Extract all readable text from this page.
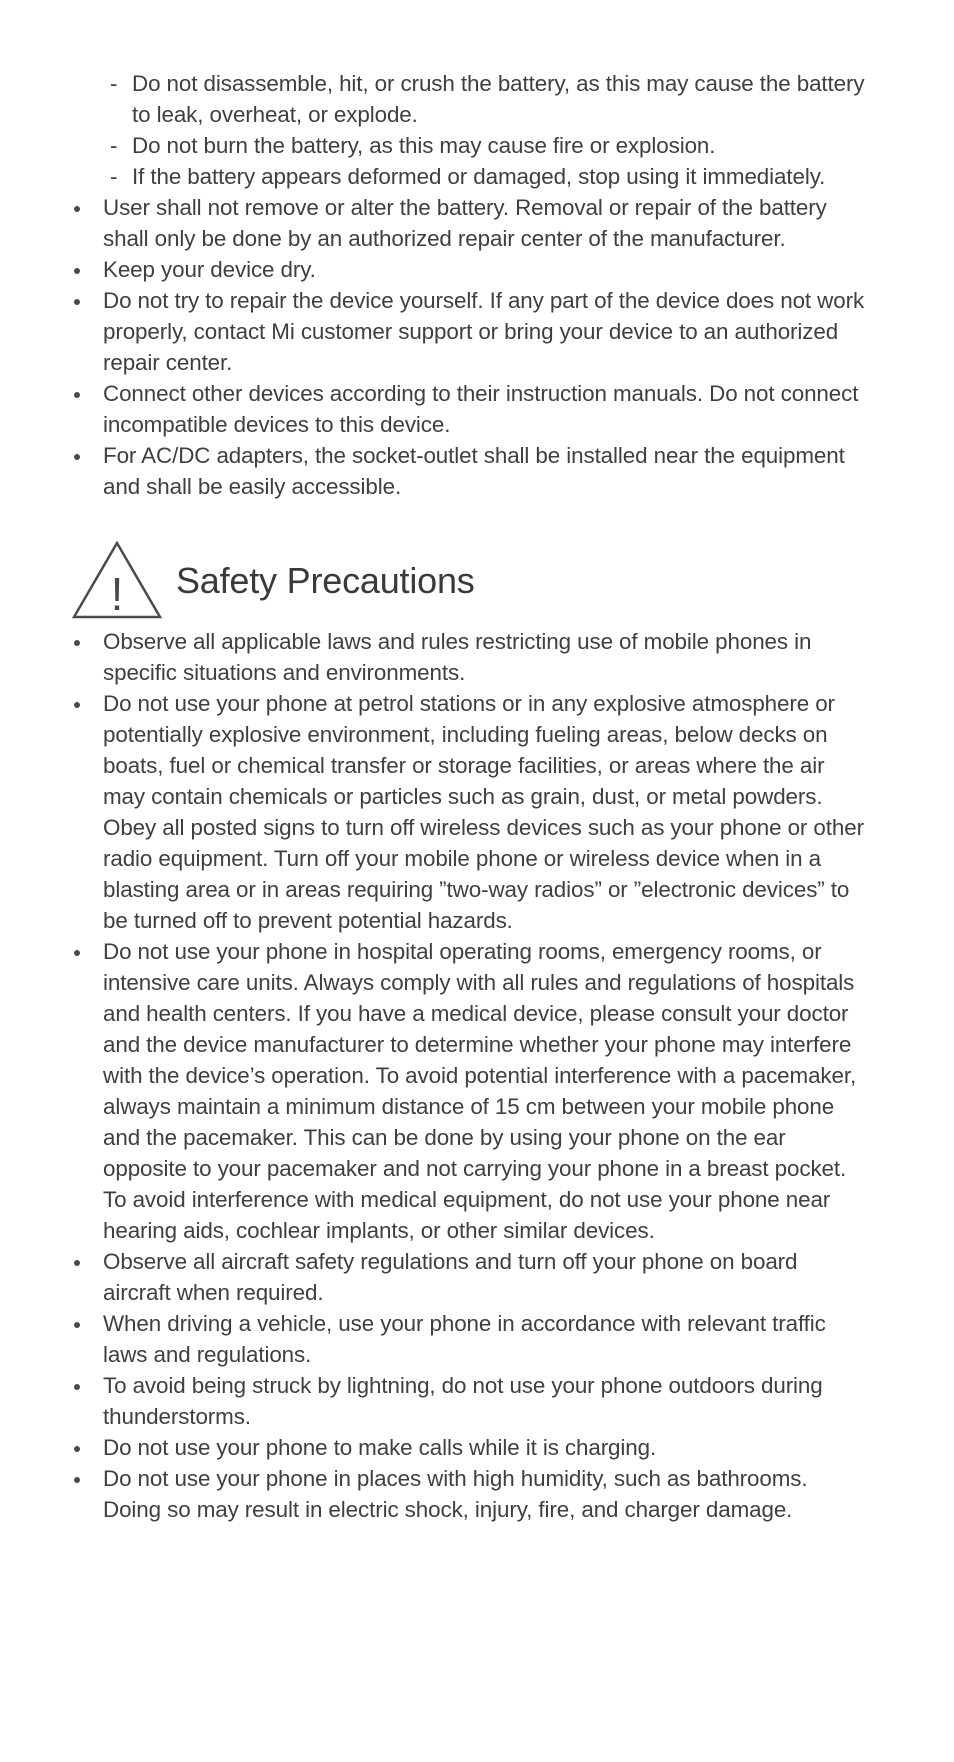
- Do not disassemble, hit, or crush the battery, as this may cause the battery to leak, overheat, or explode.
- Do not burn the battery, as this may cause fire or explosion.
- If the battery appears deformed or damaged, stop using it immediately.
User shall not remove or alter the battery. Removal or repair of the battery shall only be done by an authorized repair center of the manufacturer.
Keep your device dry.
Do not try to repair the device yourself. If any part of the device does not work properly, contact Mi customer support or bring your device to an authorized repair center.
Connect other devices according to their instruction manuals. Do not connect incompatible devices to this device.
For AC/DC adapters, the socket-outlet shall be installed near the equipment and shall be easily accessible.
! Safety Precautions
Observe all applicable laws and rules restricting use of mobile phones in specific situations and environments.
Do not use your phone at petrol stations or in any explosive atmosphere or potentially explosive environment, including fueling areas, below decks on boats, fuel or chemical transfer or storage facilities, or areas where the air may contain chemicals or particles such as grain, dust, or metal powders. Obey all posted signs to turn off wireless devices such as your phone or other radio equipment. Turn off your mobile phone or wireless device when in a blasting area or in areas requiring ”two-way radios” or ”electronic devices” to be turned off to prevent potential hazards.
Do not use your phone in hospital operating rooms, emergency rooms, or intensive care units. Always comply with all rules and regulations of hospitals and health centers. If you have a medical device, please consult your doctor and the device manufacturer to determine whether your phone may interfere with the device’s operation. To avoid potential interference with a pacemaker, always maintain a minimum distance of 15 cm between your mobile phone and the pacemaker. This can be done by using your phone on the ear opposite to your pacemaker and not carrying your phone in a breast pocket. To avoid interference with medical equipment, do not use your phone near hearing aids, cochlear implants, or other similar devices.
Observe all aircraft safety regulations and turn off your phone on board aircraft when required.
When driving a vehicle, use your phone in accordance with relevant traffic laws and regulations.
To avoid being struck by lightning, do not use your phone outdoors during thunderstorms.
Do not use your phone to make calls while it is charging.
Do not use your phone in places with high humidity, such as bathrooms. Doing so may result in electric shock, injury, fire, and charger damage.
